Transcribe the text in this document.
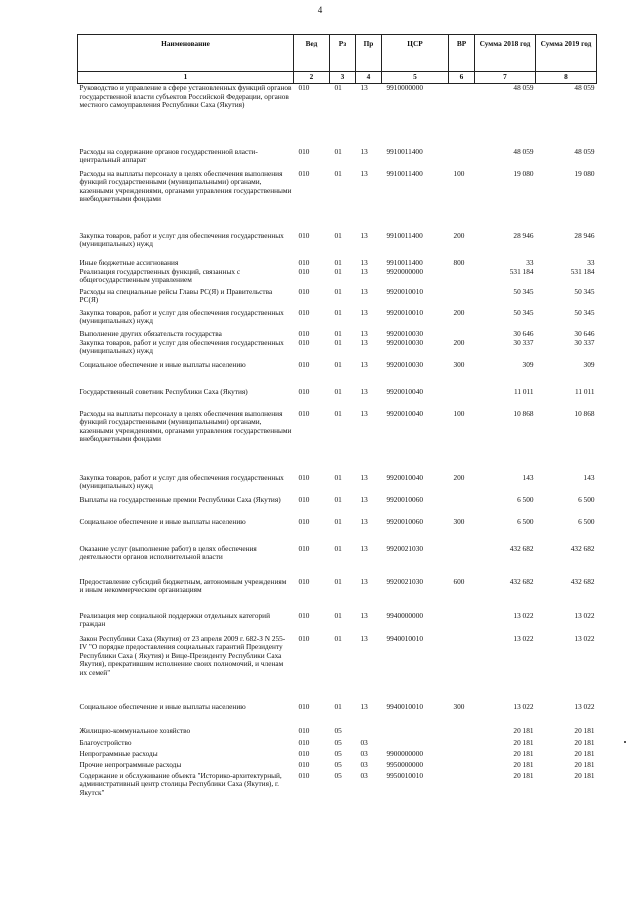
4
Наименование	Вед	Рз	Пр	ЦСР	ВР	Сумма 2018 год	Сумма 2019 год
1	2	3	4	5	6	7	8
Руководство и управление в сфере установленных функций органов государственной власти субъектов Российской Федерации, органов местного самоуправления Республики Саха (Якутия)	010	01	13	9910000000		48 059	48 059
Расходы на содержание органов государственной власти- центральный аппарат	010	01	13	9910011400		48 059	48 059
Расходы на выплаты персоналу в целях обеспечения выполнения функций государственными (муниципальными) органами, казенными учреждениями, органами управления государственными внебюджетными фондами	010	01	13	9910011400	100	19 080	19 080
Закупка товаров, работ и услуг для обеспечения государственных (муниципальных) нужд	010	01	13	9910011400	200	28 946	28 946
Иные бюджетные ассигнования	010	01	13	9910011400	800	33	33
Реализация государственных функций, связанных с общегосударственным управлением	010	01	13	9920000000		531 184	531 184
Расходы на специальные рейсы Главы РС(Я) и Правительства РС(Я)	010	01	13	9920010010		50 345	50 345
Закупка товаров, работ и услуг для обеспечения государственных (муниципальных) нужд	010	01	13	9920010010	200	50 345	50 345
Выполнение других обязательств государства	010	01	13	9920010030		30 646	30 646
Закупка товаров, работ и услуг для обеспечения государственных (муниципальных) нужд	010	01	13	9920010030	200	30 337	30 337
Социальное обеспечение и иные выплаты населению	010	01	13	9920010030	300	309	309
Государственный советник Республики Саха (Якутия)	010	01	13	9920010040		11 011	11 011
Расходы на выплаты персоналу в целях обеспечения выполнения функций государственными (муниципальными) органами, казенными учреждениями, органами управления государственными внебюджетными фондами	010	01	13	9920010040	100	10 868	10 868
Закупка товаров, работ и услуг для обеспечения государственных (муниципальных) нужд	010	01	13	9920010040	200	143	143
Выплаты на государственные премии Республики Саха (Якутия)	010	01	13	9920010060		6 500	6 500
Социальное обеспечение и иные выплаты населению	010	01	13	9920010060	300	6 500	6 500
Оказание услуг (выполнение работ) в целях обеспечения деятельности органов исполнительной власти	010	01	13	9920021030		432 682	432 682
Предоставление субсидий бюджетным, автономным учреждениям и иным некоммерческим организациям	010	01	13	9920021030	600	432 682	432 682
Реализация мер социальной поддержки отдельных категорий граждан	010	01	13	9940000000		13 022	13 022
Закон Республики Саха (Якутия) от 23 апреля 2009 г. 682-З N 255-IV "О порядке предоставления социальных гарантий Президенту Республики Саха ( Якутия) и Вице-Президенту Республики Саха Якутия), прекратившим исполнение своих полномочий, и членам их семей"	010	01	13	9940010010		13 022	13 022
Социальное обеспечение и иные выплаты населению	010	01	13	9940010010	300	13 022	13 022
Жилищно-коммунальное хозяйство	010	05				20 181	20 181
Благоустройство	010	05	03			20 181	20 181
Непрограммные расходы	010	05	03	9900000000		20 181	20 181
Прочие непрограммные расходы	010	05	03	9950000000		20 181	20 181
Содержание и обслуживание объекта "Историко-архитектурный, административный центр столицы Республики Саха (Якутия), г. Якутск"	010	05	03	9950010010		20 181	20 181
